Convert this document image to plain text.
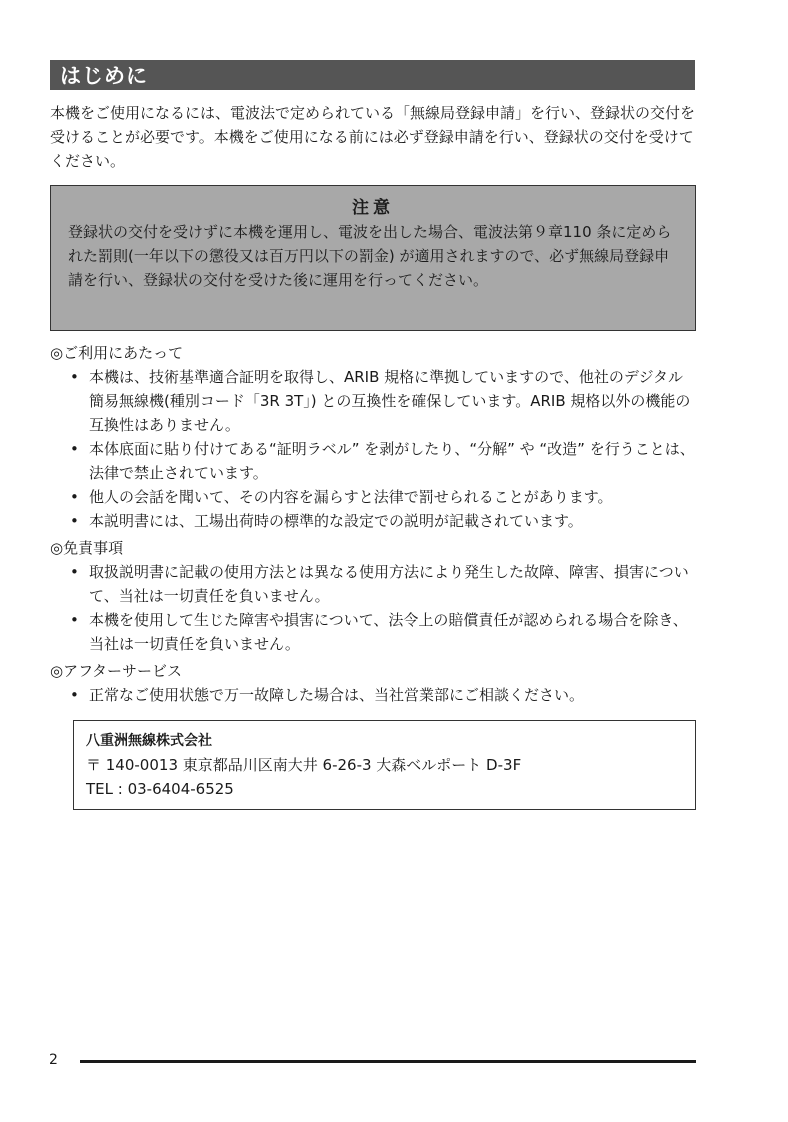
はじめに

本機をご使用になるには、電波法で定められている「無線局登録申請」を行い、登録状の交付を受けることが必要です。本機をご使用になる前には必ず登録申請を行い、登録状の交付を受けてください。

注意

登録状の交付を受けずに本機を運用し、電波を出した場合、電波法第９章110 条に定められた罰則(一年以下の懲役又は百万円以下の罰金) が適用されますので、必ず無線局登録申請を行い、登録状の交付を受けた後に運用を行ってください。

◎ご利用にあたって

• 本機は、技術基準適合証明を取得し、ARIB 規格に準拠していますので、他社のデジタル簡易無線機(種別コード「3R 3T」) との互換性を確保しています。ARIB 規格以外の機能の互換性はありません。
• 本体底面に貼り付けてある“証明ラベル” を剥がしたり、“分解” や “改造” を行うことは、法律で禁止されています。
• 他人の会話を聞いて、その内容を漏らすと法律で罰せられることがあります。
• 本説明書には、工場出荷時の標準的な設定での説明が記載されています。

◎免責事項

• 取扱説明書に記載の使用方法とは異なる使用方法により発生した故障、障害、損害について、当社は一切責任を負いません。
• 本機を使用して生じた障害や損害について、法令上の賠償責任が認められる場合を除き、当社は一切責任を負いません。

◎アフターサービス

• 正常なご使用状態で万一故障した場合は、当社営業部にご相談ください。

八重洲無線株式会社

〒 140-0013 東京都品川区南大井 6-26-3 大森ベルポート D-3F

TEL : 03-6404-6525

2
